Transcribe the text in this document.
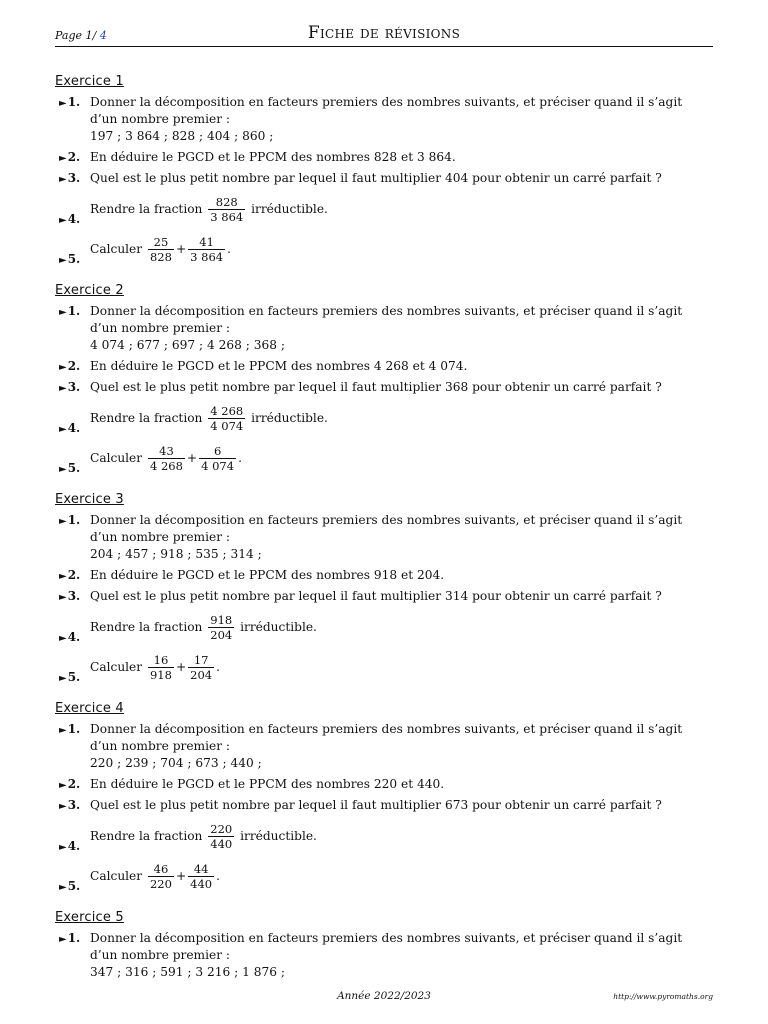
Page 1/ 4	Fiche de révisions
Exercice 1
►1. Donner la décomposition en facteurs premiers des nombres suivants, et préciser quand il s’agit d’un nombre premier :
197 ; 3 864 ; 828 ; 404 ; 860 ;
►2. En déduire le PGCD et le PPCM des nombres 828 et 3 864.
►3. Quel est le plus petit nombre par lequel il faut multiplier 404 pour obtenir un carré parfait ?
►4.
Rendre la fraction $\frac{828}{3 864}$ irréductible.
►5.
Calculer $\frac{25}{828} + \frac{41}{3 864}$ .
Exercice 2
►1. Donner la décomposition en facteurs premiers des nombres suivants, et préciser quand il s’agit d’un nombre premier :
4 074 ; 677 ; 697 ; 4 268 ; 368 ;
►2. En déduire le PGCD et le PPCM des nombres 4 268 et 4 074.
►3. Quel est le plus petit nombre par lequel il faut multiplier 368 pour obtenir un carré parfait ?
►4.
Rendre la fraction $\frac{4 268}{4 074}$ irréductible.
►5.
Calculer $\frac{43}{4 268} + \frac{6}{4 074}$ .
Exercice 3
►1. Donner la décomposition en facteurs premiers des nombres suivants, et préciser quand il s’agit d’un nombre premier :
204 ; 457 ; 918 ; 535 ; 314 ;
►2. En déduire le PGCD et le PPCM des nombres 918 et 204.
►3. Quel est le plus petit nombre par lequel il faut multiplier 314 pour obtenir un carré parfait ?
►4.
Rendre la fraction $\frac{918}{204}$ irréductible.
►5.
Calculer $\frac{16}{918} + \frac{17}{204}$ .
Exercice 4
►1. Donner la décomposition en facteurs premiers des nombres suivants, et préciser quand il s’agit d’un nombre premier :
220 ; 239 ; 704 ; 673 ; 440 ;
►2. En déduire le PGCD et le PPCM des nombres 220 et 440.
►3. Quel est le plus petit nombre par lequel il faut multiplier 673 pour obtenir un carré parfait ?
►4.
Rendre la fraction $\frac{220}{440}$ irréductible.
►5.
Calculer $\frac{46}{220} + \frac{44}{440}$ .
Exercice 5
►1. Donner la décomposition en facteurs premiers des nombres suivants, et préciser quand il s’agit d’un nombre premier :
347 ; 316 ; 591 ; 3 216 ; 1 876 ;
Année 2022/2023	http://www.pyromaths.org
